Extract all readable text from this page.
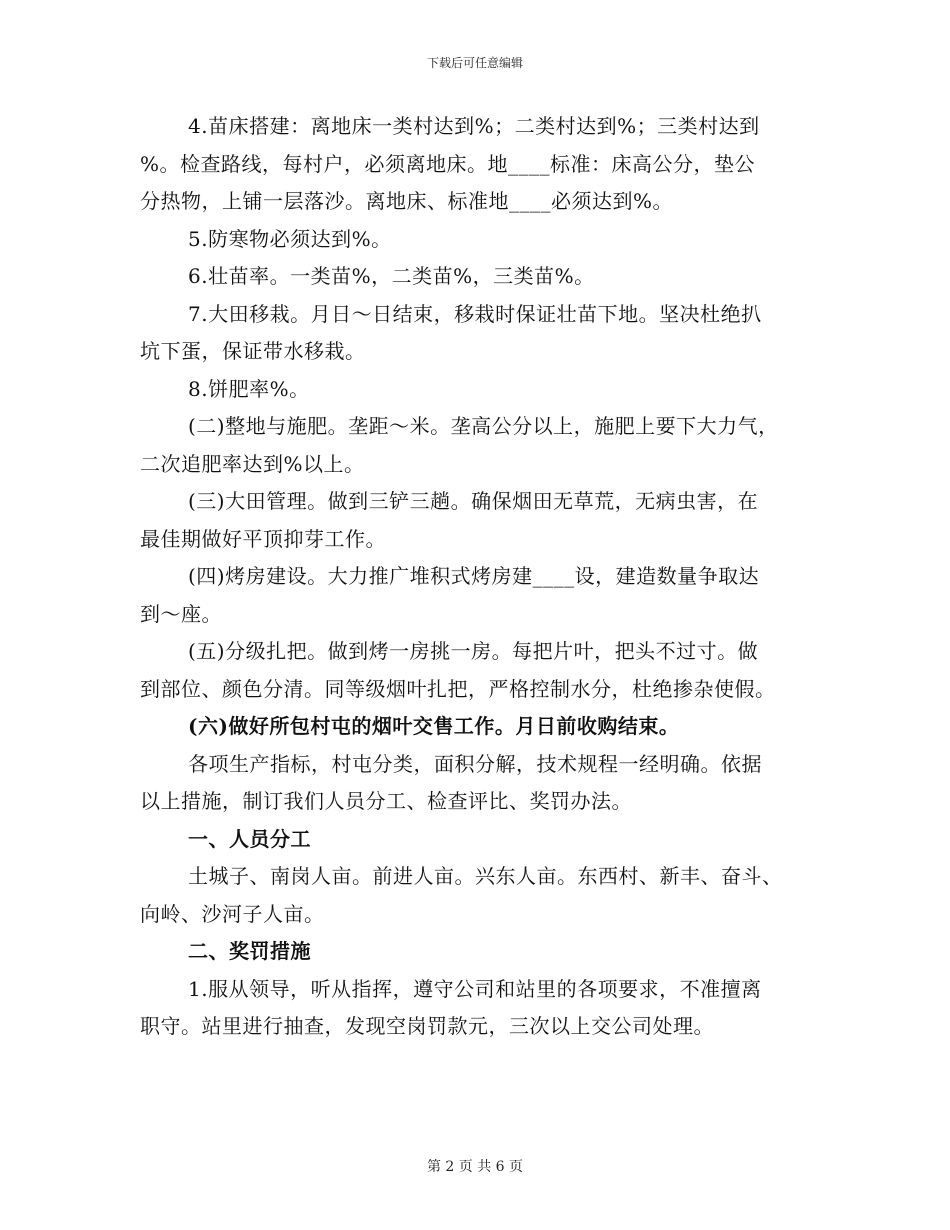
下载后可任意编辑
4.苗床搭建：离地床一类村达到%；二类村达到%；三类村达到
%。检查路线，每村户，必须离地床。地____标准：床高公分，垫公
分热物，上铺一层落沙。离地床、标准地____必须达到%。
5.防寒物必须达到%。
6.壮苗率。一类苗%，二类苗%，三类苗%。
7.大田移栽。月日～日结束，移栽时保证壮苗下地。坚决杜绝扒
坑下蛋，保证带水移栽。
8.饼肥率%。
(二)整地与施肥。垄距～米。垄高公分以上，施肥上要下大力气，
二次追肥率达到%以上。
(三)大田管理。做到三铲三趟。确保烟田无草荒，无病虫害，在
最佳期做好平顶抑芽工作。
(四)烤房建设。大力推广堆积式烤房建____设，建造数量争取达
到～座。
(五)分级扎把。做到烤一房挑一房。每把片叶，把头不过寸。做
到部位、颜色分清。同等级烟叶扎把，严格控制水分，杜绝掺杂使假。
(六)做好所包村屯的烟叶交售工作。月日前收购结束。
各项生产指标，村屯分类，面积分解，技术规程一经明确。依据
以上措施，制订我们人员分工、检查评比、奖罚办法。
一、人员分工
土城子、南岗人亩。前进人亩。兴东人亩。东西村、新丰、奋斗、
向岭、沙河子人亩。
二、奖罚措施
1.服从领导，听从指挥，遵守公司和站里的各项要求，不准擅离
职守。站里进行抽查，发现空岗罚款元，三次以上交公司处理。
第 2 页 共 6 页
